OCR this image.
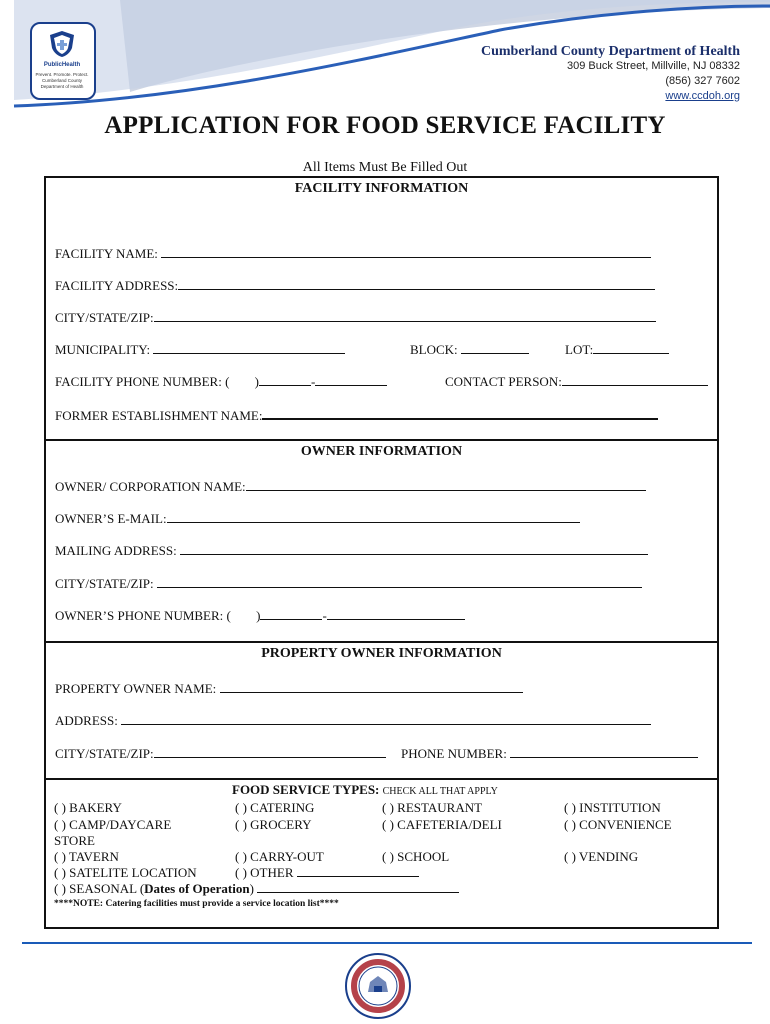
PublicHealth
Prevent. Promote. Protect.
Cumberland County
Department of Health
Cumberland County Department of Health
309 Buck Street, Millville, NJ 08332
(856) 327 7602
www.ccdoh.org
APPLICATION FOR FOOD SERVICE FACILITY
All Items Must Be Filled Out
FACILITY INFORMATION
FACILITY NAME:
FACILITY ADDRESS:
CITY/STATE/ZIP:
MUNICIPALITY:	BLOCK:	LOT:
FACILITY PHONE NUMBER: ( )	-	CONTACT PERSON:
FORMER ESTABLISHMENT NAME:
OWNER INFORMATION
OWNER/ CORPORATION NAME:
OWNER’S E-MAIL:
MAILING ADDRESS:
CITY/STATE/ZIP:
OWNER’S PHONE NUMBER: ( )	-
PROPERTY OWNER INFORMATION
PROPERTY OWNER NAME:
ADDRESS:
CITY/STATE/ZIP:	PHONE NUMBER:
FOOD SERVICE TYPES: CHECK ALL THAT APPLY
( ) BAKERY	( ) CATERING	( ) RESTAURANT	( ) INSTITUTION
( ) CAMP/DAYCARE	( ) GROCERY	( ) CAFETERIA/DELI	( ) CONVENIENCE
STORE
( ) TAVERN	( ) CARRY-OUT	( ) SCHOOL	( ) VENDING
( ) SATELITE LOCATION	( ) OTHER
( ) SEASONAL (Dates of Operation)
****NOTE: Catering facilities must provide a service location list****
